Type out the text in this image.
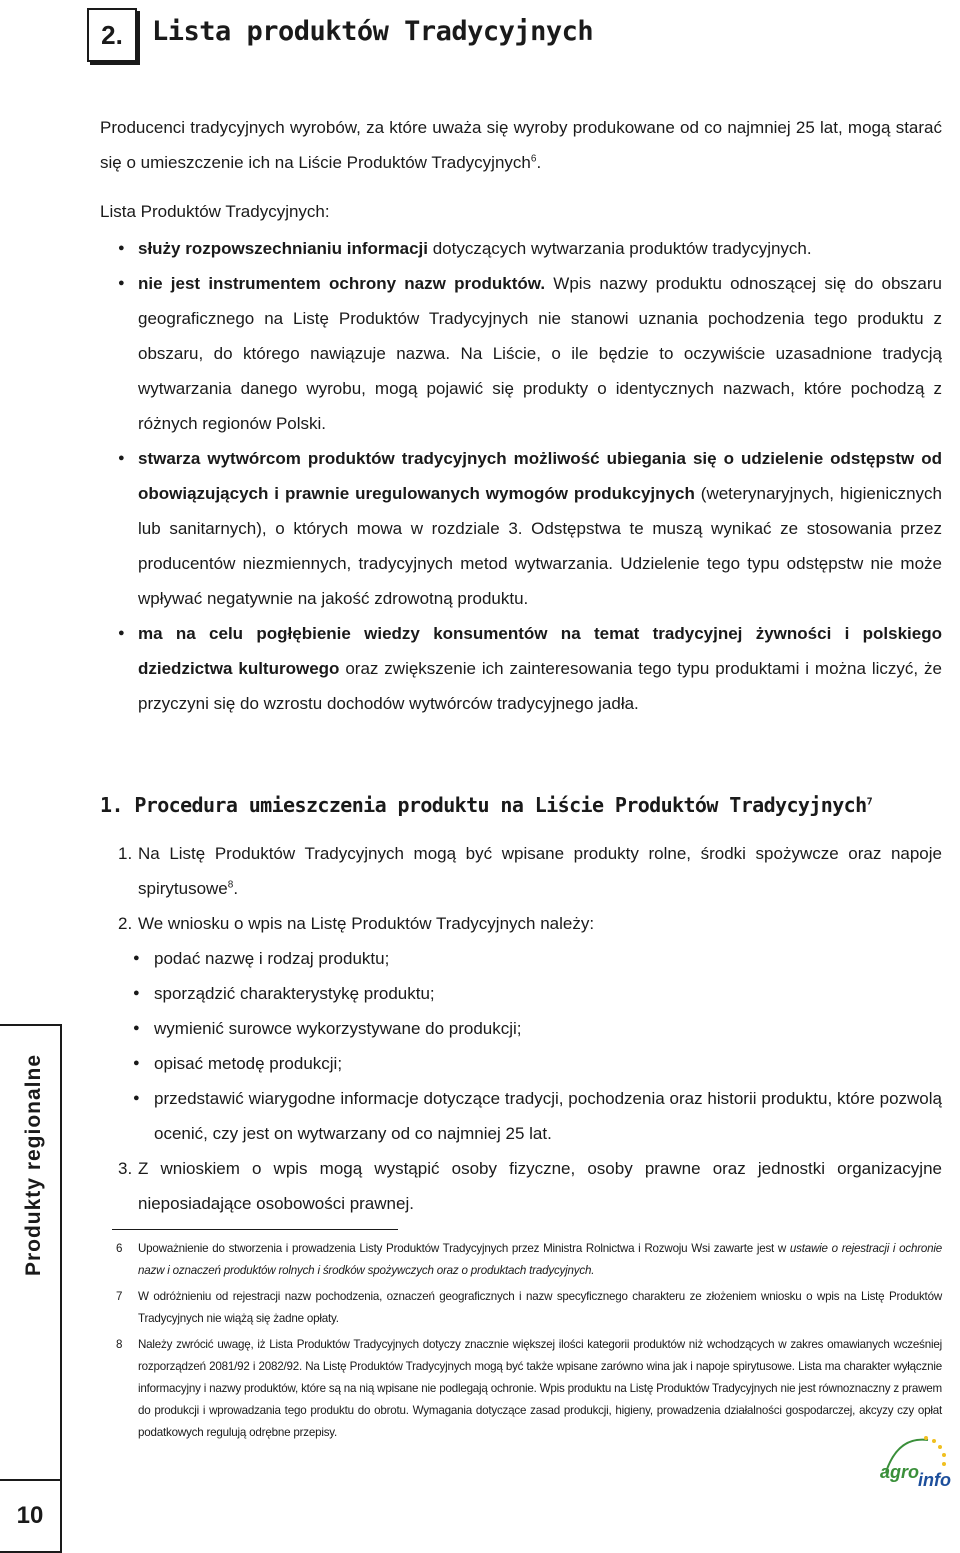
2. Lista produktów Tradycyjnych

Producenci tradycyjnych wyrobów, za które uważa się wyroby produkowane od co najmniej 25 lat, mogą starać się o umieszczenie ich na Liście Produktów Tradycyjnych$^6$.

Lista Produktów Tradycyjnych:

● służy rozpowszechnianiu informacji dotyczących wytwarzania produktów tradycyjnych.
● nie jest instrumentem ochrony nazw produktów. Wpis nazwy produktu odnoszącej się do obszaru geograficznego na Listę Produktów Tradycyjnych nie stanowi uznania pochodzenia tego produktu z obszaru, do którego nawiązuje nazwa. Na Liście, o ile będzie to oczywiście uzasadnione tradycją wytwarzania danego wyrobu, mogą pojawić się produkty o identycznych nazwach, które pochodzą z różnych regionów Polski.
● stwarza wytwórcom produktów tradycyjnych możliwość ubiegania się o udzielenie odstępstw od obowiązujących i prawnie uregulowanych wymogów produkcyjnych (weterynaryjnych, higienicznych lub sanitarnych), o których mowa w rozdziale 3. Odstępstwa te muszą wynikać ze stosowania przez producentów niezmiennych, tradycyjnych metod wytwarzania. Udzielenie tego typu odstępstw nie może wpływać negatywnie na jakość zdrowotną produktu.
● ma na celu pogłębienie wiedzy konsumentów na temat tradycyjnej żywności i polskiego dziedzictwa kulturowego oraz zwiększenie ich zainteresowania tego typu produktami i można liczyć, że przyczyni się do wzrostu dochodów wytwórców tradycyjnego jadła.
1. Procedura umieszczenia produktu na Liście Produktów Tradycyjnych$^7$
1. Na Listę Produktów Tradycyjnych mogą być wpisane produkty rolne, środki spożywcze oraz napoje spirytusowe$^8$.
2. We wniosku o wpis na Listę Produktów Tradycyjnych należy:
● podać nazwę i rodzaj produktu;
● sporządzić charakterystykę produktu;
● wymienić surowce wykorzystywane do produkcji;
● opisać metodę produkcji;
● przedstawić wiarygodne informacje dotyczące tradycji, pochodzenia oraz historii produktu, które pozwolą ocenić, czy jest on wytwarzany od co najmniej 25 lat.
3. Z wnioskiem o wpis mogą wystąpić osoby fizyczne, osoby prawne oraz jednostki organizacyjne nieposiadające osobowości prawnej.
6 Upoważnienie do stworzenia i prowadzenia Listy Produktów Tradycyjnych przez Ministra Rolnictwa i Rozwoju Wsi zawarte jest w ustawie o rejestracji i ochronie nazw i oznaczeń produktów rolnych i środków spożywczych oraz o produktach tradycyjnych.
7 W odróżnieniu od rejestracji nazw pochodzenia, oznaczeń geograficznych i nazw specyficznego charakteru ze złożeniem wniosku o wpis na Listę Produktów Tradycyjnych nie wiążą się żadne opłaty.
8 Należy zwrócić uwagę, iż Lista Produktów Tradycyjnych dotyczy znacznie większej ilości kategorii produktów niż wchodzących w zakres omawianych wcześniej rozporządzeń 2081/92 i 2082/92. Na Listę Produktów Tradycyjnych mogą być także wpisane zarówno wina jak i napoje spirytusowe. Lista ma charakter wyłącznie informacyjny i nazwy produktów, które są na nią wpisane nie podlegają ochronie. Wpis produktu na Listę Produktów Tradycyjnych nie jest równoznaczny z prawem do produkcji i wprowadzania tego produktu do obrotu. Wymagania dotyczące zasad produkcji, higieny, prowadzenia działalności gospodarczej, akcyzy czy opłat podatkowych regulują odrębne przepisy.
Produkty regionalne
10
agro
info
